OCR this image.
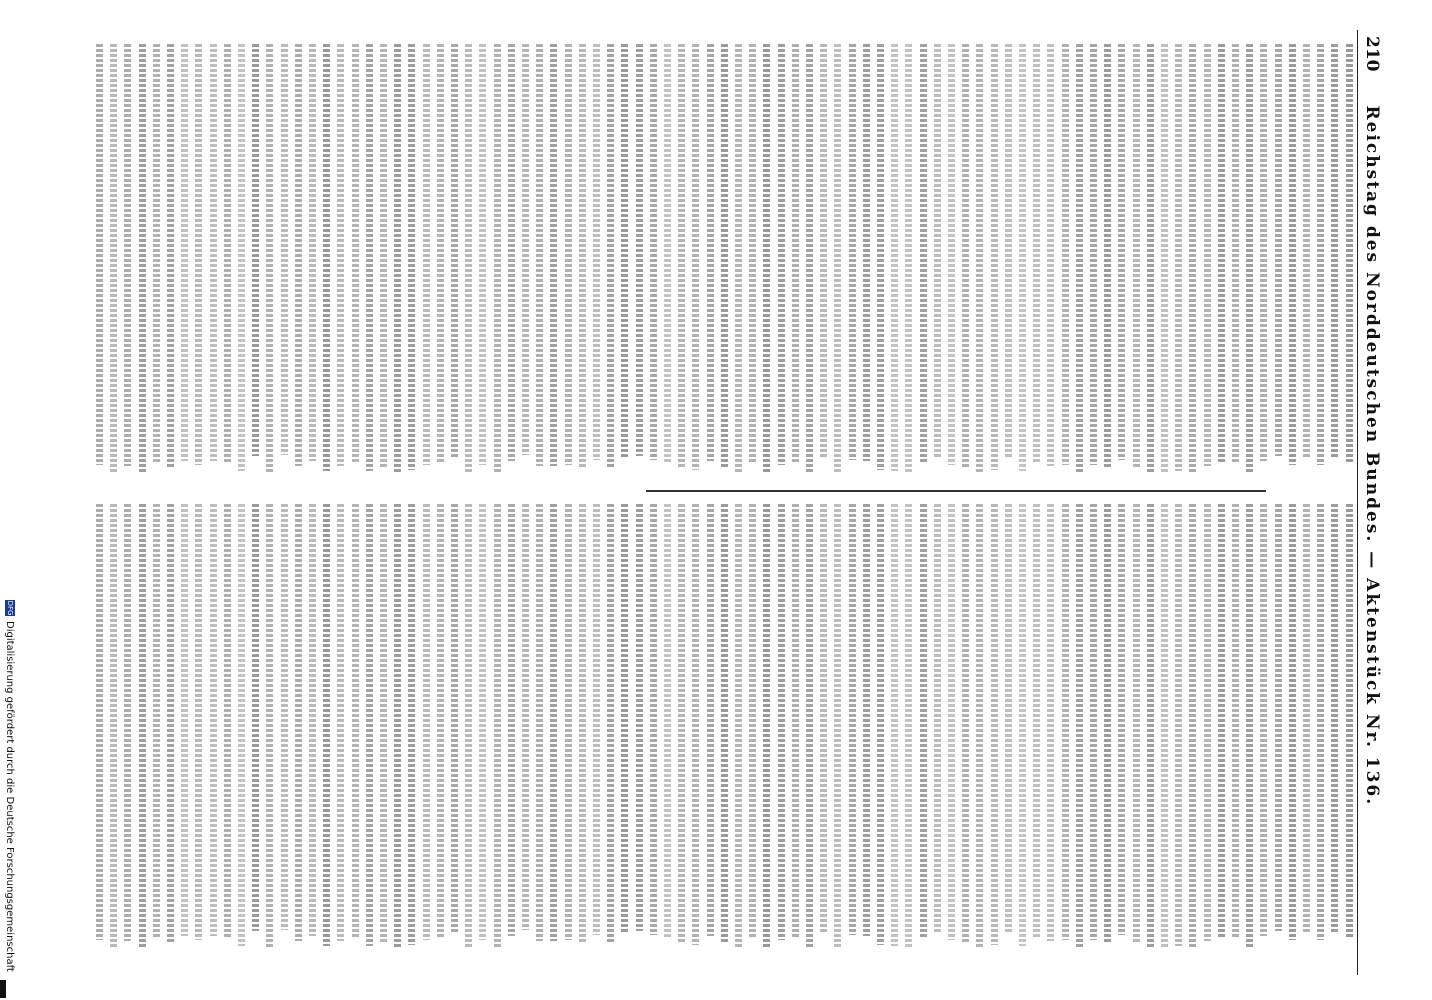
210
Reichstag des Norddeutschen Bundes. — Aktenstück Nr. 136.
DFG
Digitalisierung gefördert durch die Deutsche Forschungsgemeinschaft
